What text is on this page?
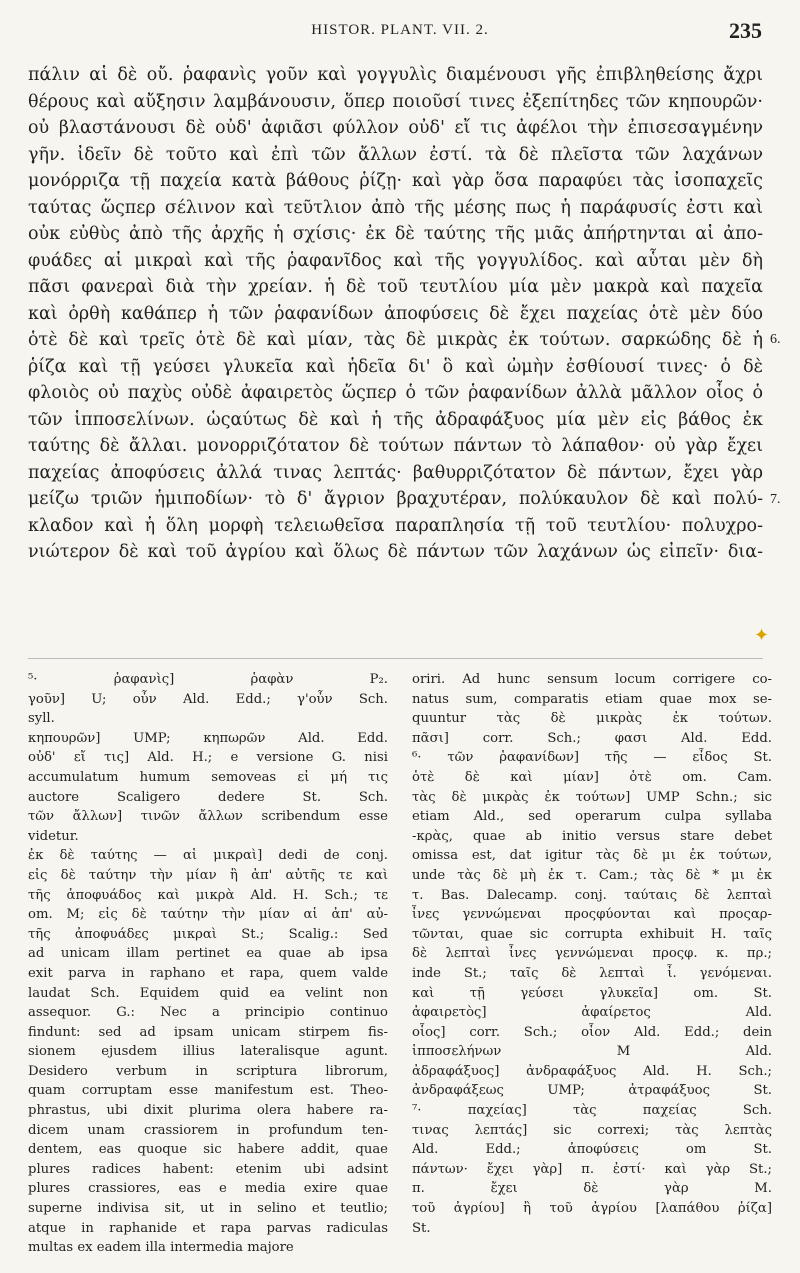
HISTOR. PLANT. VII. 2.	235
πάλιν αἱ δὲ οὔ. ῥαφανὶς γοῦν καὶ γογγυλὶς διαμένουσι γῆς ἐπιβληθείσης ἄχρι
θέρους καὶ αὔξησιν λαμβάνουσιν, ὅπερ ποιοῦσί τινες ἐξεπίτηδες τῶν κηπουρῶν·
οὐ βλαστάνουσι δὲ οὐδ' ἀφιᾶσι φύλλον οὐδ' εἴ τις ἀφέλοι τὴν ἐπισεσαγμένην
γῆν. ἰδεῖν δὲ τοῦτο καὶ ἐπὶ τῶν ἄλλων ἐστί. τὰ δὲ πλεῖστα τῶν λαχάνων
μονόρριζα τῇ παχεία κατὰ βάθους ῥίζῃ· καὶ γὰρ ὅσα παραφύει τὰς ἰσοπαχεῖς
ταύτας ὥςπερ σέλινον καὶ τεῦτλιον ἀπὸ τῆς μέσης πως ἡ παράφυσίς ἐστι καὶ
οὐκ εὐθὺς ἀπὸ τῆς ἀρχῆς ἡ σχίσις· ἐκ δὲ ταύτης τῆς μιᾶς ἀπήρτηνται αἱ ἀπο-
φυάδες αἱ μικραὶ καὶ τῆς ῥαφανῖδος καὶ τῆς γογγυλίδος. καὶ αὗται μὲν δὴ
πᾶσι φανεραὶ διὰ τὴν χρείαν. ἡ δὲ τοῦ τευτλίου μία μὲν μακρὰ καὶ παχεῖα
καὶ ὀρθὴ καθάπερ ἡ τῶν ῥαφανίδων ἀποφύσεις δὲ ἔχει παχείας ὁτὲ μὲν δύο
ὁτὲ δὲ καὶ τρεῖς ὁτὲ δὲ καὶ μίαν, τὰς δὲ μικρὰς ἐκ τούτων. σαρκώδης δὲ ἡ
ῥίζα καὶ τῇ γεύσει γλυκεῖα καὶ ἡδεῖα δι' ὃ καὶ ὠμὴν ἐσθίουσί τινες· ὁ δὲ
φλοιὸς οὐ παχὺς οὐδὲ ἀφαιρετὸς ὥςπερ ὁ τῶν ῥαφανίδων ἀλλὰ μᾶλλον οἷος ὁ
τῶν ἱπποσελίνων. ὡςαύτως δὲ καὶ ἡ τῆς ἀδραφάξυος μία μὲν εἰς βάθος ἐκ
ταύτης δὲ ἄλλαι. μονορριζότατον δὲ τούτων πάντων τὸ λάπαθον· οὐ γὰρ ἔχει
παχείας ἀποφύσεις ἀλλά τινας λεπτάς· βαθυρριζότατον δὲ πάντων, ἔχει γὰρ
μείζω τριῶν ἡμιποδίων· τὸ δ' ἄγριον βραχυτέραν, πολύκαυλον δὲ καὶ πολύ-
κλαδον καὶ ἡ ὅλη μορφὴ τελειωθεῖσα παραπλησία τῇ τοῦ τευτλίου· πολυχρο-
νιώτερον δὲ καὶ τοῦ ἀγρίου καὶ ὅλως δὲ πάντων τῶν λαχάνων ὡς εἰπεῖν· δια-
6.
7.
✦
⁵· ῥαφανὶς] ῥαφὰν P₂.
γοῦν] U; οὖν Ald. Edd.; γ'οὖν Sch.
syll.
κηπουρῶν] UMP; κηπωρῶν Ald. Edd.
οὐδ' εἴ τις] Ald. H.; e versione G. nisi
accumulatum humum semoveas εἰ μή τις
auctore Scaligero dedere St. Sch.
τῶν ἄλλων] τινῶν ἄλλων scribendum esse
videtur.
ἐκ δὲ ταύτης — αἱ μικραὶ] dedi de conj.
εἰς δὲ ταύτην τὴν μίαν ἢ ἀπ' αὐτῆς τε καὶ
τῆς ἀποφυάδος καὶ μικρὰ Ald. H. Sch.; τε
om. M; εἰς δὲ ταύτην τὴν μίαν αἱ ἀπ' αὐ-
τῆς ἀποφυάδες μικραὶ St.; Scalig.: Sed
ad unicam illam pertinet ea quae ab ipsa
exit parva in raphano et rapa, quem valde
laudat Sch. Equidem quid ea velint non
assequor. G.: Nec a principio continuo
findunt: sed ad ipsam unicam stirpem fis-
sionem ejusdem illius lateralisque agunt.
Desidero verbum in scriptura librorum,
quam corruptam esse manifestum est. Theo-
phrastus, ubi dixit plurima olera habere ra-
dicem unam crassiorem in profundum ten-
dentem, eas quoque sic habere addit, quae
plures radices habent: etenim ubi adsint
plures crassiores, eas e media exire quae
superne indivisa sit, ut in selino et teutlio;
atque in raphanide et rapa parvas radiculas
multas ex eadem illa intermedia majore
oriri. Ad hunc sensum locum corrigere co-
natus sum, comparatis etiam quae mox se-
quuntur τὰς δὲ μικρὰς ἐκ τούτων.
πᾶσι] corr. Sch.; φασι Ald. Edd.
⁶· τῶν ῥαφανίδων] τῆς — εἶδος St.
ὁτὲ δὲ καὶ μίαν] ὁτὲ om. Cam.
τὰς δὲ μικρὰς ἐκ τούτων] UMP Schn.; sic
etiam Ald., sed operarum culpa syllaba
-κρὰς, quae ab initio versus stare debet
omissa est, dat igitur τὰς δὲ μι ἐκ τούτων,
unde τὰς δὲ μὴ ἐκ τ. Cam.; τὰς δὲ * μι ἐκ
τ. Bas. Dalecamp. conj. ταύταις δὲ λεπταὶ
ἶνες γεννώμεναι προςφύονται καὶ προςαρ-
τῶνται, quae sic corrupta exhibuit H. ταῖς
δὲ λεπταὶ ἶνες γεννώμεναι προςφ. κ. πρ.;
inde St.; ταῖς δὲ λεπταὶ ἶ. γενόμεναι.
καὶ τῇ γεύσει γλυκεῖα] om. St.
ἀφαιρετὸς] ἀφαίρετος Ald.
οἷος] corr. Sch.; οἷον Ald. Edd.; dein
ἱπποσελήνων M Ald.
ἀδραφάξυος] ἀνδραφάξυος Ald. H. Sch.;
ἀνδραφάξεως UMP; ἀτραφάξυος St.
⁷· παχείας] τὰς παχείας Sch.
τινας λεπτάς] sic correxi; τὰς λεπτὰς
Ald. Edd.; ἀποφύσεις om St.
πάντων· ἔχει γὰρ] π. ἐστί· καὶ γὰρ St.;
π. ἔχει δὲ γὰρ M.
τοῦ ἀγρίου] ἢ τοῦ ἀγρίου [λαπάθου ῥίζα]
St.
